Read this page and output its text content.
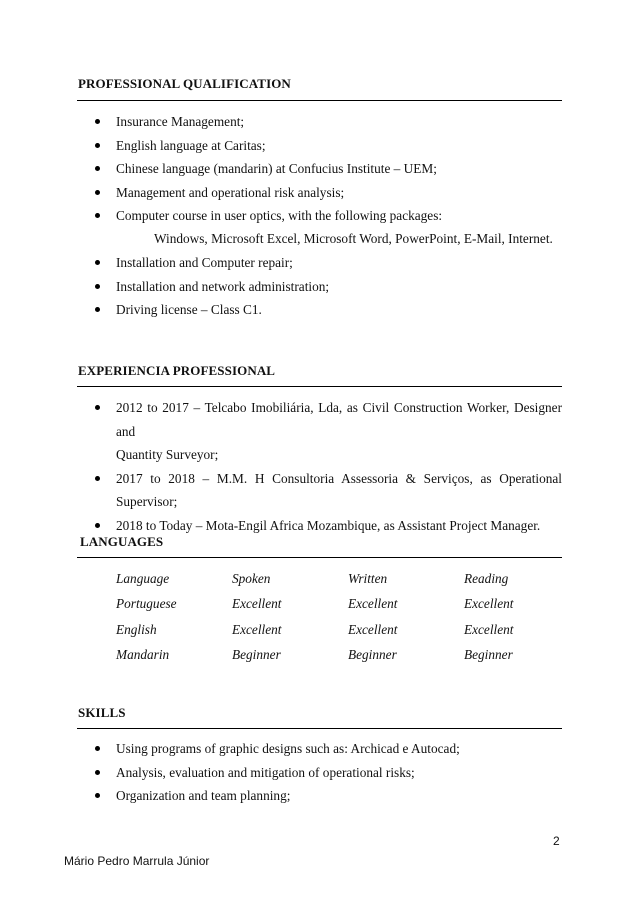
PROFESSIONAL QUALIFICATION
Insurance Management;
English language at Caritas;
Chinese language (mandarin) at Confucius Institute – UEM;
Management and operational risk analysis;
Computer course in user optics, with the following packages:
Windows, Microsoft Excel, Microsoft Word, PowerPoint, E-Mail, Internet.
Installation and Computer repair;
Installation and network administration;
Driving license – Class C1.
EXPERIENCIA PROFESSIONAL
2012 to 2017 – Telcabo Imobiliária, Lda, as Civil Construction Worker, Designer and
Quantity Surveyor;
2017 to 2018 – M.M. H Consultoria Assessoria & Serviços, as Operational Supervisor;
2018 to Today – Mota-Engil Africa Mozambique, as Assistant Project Manager.
LANGUAGES
Language	Spoken	Written	Reading
Portuguese	Excellent	Excellent	Excellent
English	Excellent	Excellent	Excellent
Mandarin	Beginner	Beginner	Beginner
SKILLS
Using programs of graphic designs such as: Archicad e Autocad;
Analysis, evaluation and mitigation of operational risks;
Organization and team planning;
2
Mário Pedro Marrula Júnior
